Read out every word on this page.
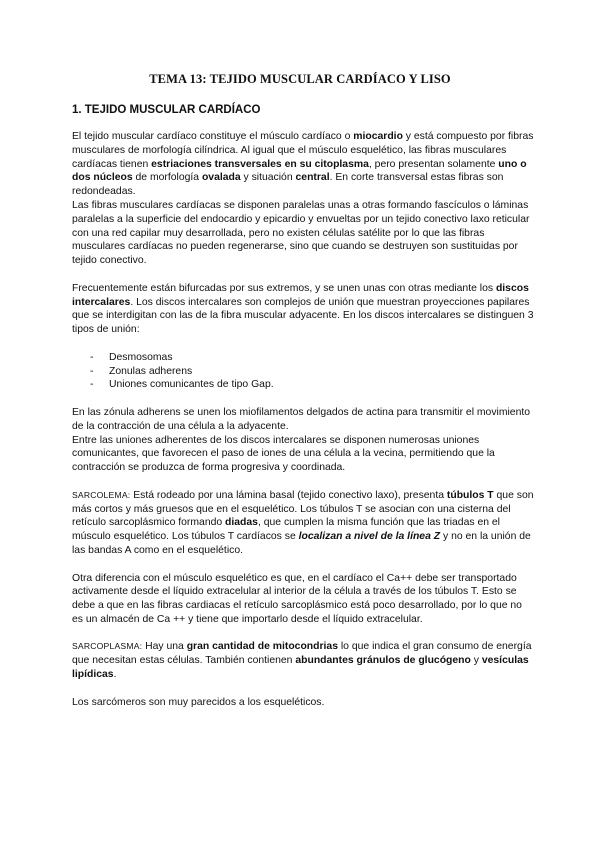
TEMA 13: TEJIDO MUSCULAR CARDÍACO Y LISO
1. TEJIDO MUSCULAR CARDÍACO

El tejido muscular cardíaco constituye el músculo cardíaco o miocardio y está compuesto por fibras musculares de morfología cilíndrica. Al igual que el músculo esquelético, las fibras musculares cardíacas tienen estriaciones transversales en su citoplasma, pero presentan solamente uno o dos núcleos de morfología ovalada y situación central. En corte transversal estas fibras son redondeadas.

Las fibras musculares cardíacas se disponen paralelas unas a otras formando fascículos o láminas paralelas a la superficie del endocardio y epicardio y envueltas por un tejido conectivo laxo reticular con una red capilar muy desarrollada, pero no existen células satélite por lo que las fibras musculares cardíacas no pueden regenerarse, sino que cuando se destruyen son sustituidas por tejido conectivo.

Frecuentemente están bifurcadas por sus extremos, y se unen unas con otras mediante los discos intercalares. Los discos intercalares son complejos de unión que muestran proyecciones papilares que se interdigitan con las de la fibra muscular adyacente. En los discos intercalares se distinguen 3 tipos de unión:

- Desmosomas
- Zonulas adherens
- Uniones comunicantes de tipo Gap.

En las zónula adherens se unen los miofilamentos delgados de actina para transmitir el movimiento de la contracción de una célula a la adyacente.

Entre las uniones adherentes de los discos intercalares se disponen numerosas uniones comunicantes, que favorecen el paso de iones de una célula a la vecina, permitiendo que la contracción se produzca de forma progresiva y coordinada.

SARCOLEMA: Está rodeado por una lámina basal (tejido conectivo laxo), presenta túbulos T que son más cortos y más gruesos que en el esquelético. Los túbulos T se asocian con una cisterna del retículo sarcoplásmico formando diadas, que cumplen la misma función que las triadas en el músculo esquelético. Los túbulos T cardíacos se localizan a nivel de la línea Z y no en la unión de las bandas A como en el esquelético.

Otra diferencia con el músculo esquelético es que, en el cardíaco el Ca++ debe ser transportado activamente desde el líquido extracelular al interior de la célula a través de los túbulos T. Esto se debe a que en las fibras cardiacas el retículo sarcoplásmico está poco desarrollado, por lo que no es un almacén de Ca ++ y tiene que importarlo desde el líquido extracelular.

SARCOPLASMA: Hay una gran cantidad de mitocondrias lo que indica el gran consumo de energía que necesitan estas células. También contienen abundantes gránulos de glucógeno y vesículas lipídicas.

Los sarcómeros son muy parecidos a los esqueléticos.
